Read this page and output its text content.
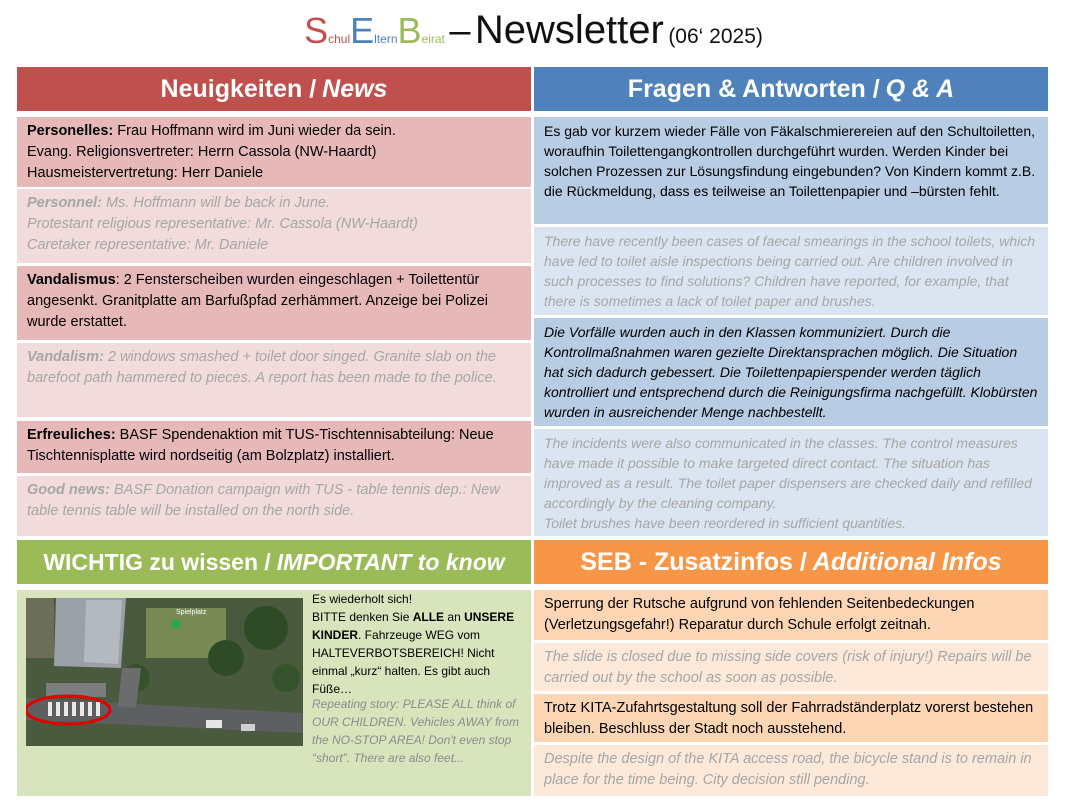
SchulElternBeirat – Newsletter (06‘ 2025)
Neuigkeiten / News
Personelles: Frau Hoffmann wird im Juni wieder da sein.
Evang. Religionsvertreter: Herrn Cassola (NW-Haardt)
Hausmeistervertretung: Herr Daniele
Personnel: Ms. Hoffmann will be back in June.
Protestant religious representative: Mr. Cassola (NW-Haardt)
Caretaker representative: Mr. Daniele
Vandalismus: 2 Fensterscheiben wurden eingeschlagen + Toilettentür angesenkt. Granitplatte am Barfußpfad zerhämmert. Anzeige bei Polizei wurde erstattet.
Vandalism: 2 windows smashed + toilet door singed. Granite slab on the barefoot path hammered to pieces. A report has been made to the police.
Erfreuliches: BASF Spendenaktion mit TUS-Tischtennisabteilung: Neue Tischtennisplatte wird nordseitig (am Bolzplatz) installiert.
Good news: BASF Donation campaign with TUS - table tennis dep.: New table tennis table will be installed on the north side.
Fragen & Antworten / Q & A
Es gab vor kurzem wieder Fälle von Fäkalschmierereien auf den Schultoiletten, woraufhin Toilettengangkontrollen durchgeführt wurden. Werden Kinder bei solchen Prozessen zur Lösungsfindung eingebunden? Von Kindern kommt z.B. die Rückmeldung, dass es teilweise an Toilettenpapier und –bürsten fehlt.
There have recently been cases of faecal smearings in the school toilets, which have led to toilet aisle inspections being carried out. Are children involved in such processes to find solutions? Children have reported, for example, that there is sometimes a lack of toilet paper and brushes.
Die Vorfälle wurden auch in den Klassen kommuniziert. Durch die Kontrollmaßnahmen waren gezielte Direktansprachen möglich. Die Situation hat sich dadurch gebessert. Die Toilettenpapierspender werden täglich kontrolliert und entsprechend durch die Reinigungsfirma nachgefüllt. Klobürsten wurden in ausreichender Menge nachbestellt.
The incidents were also communicated in the classes. The control measures have made it possible to make targeted direct contact. The situation has improved as a result. The toilet paper dispensers are checked daily and refilled accordingly by the cleaning company.
Toilet brushes have been reordered in sufficient quantities.
WICHTIG zu wissen / IMPORTANT to know
Spielplatz
Es wiederholt sich!
BITTE denken Sie ALLE an UNSERE KINDER. Fahrzeuge WEG vom HALTEVERBOTSBEREICH! Nicht einmal „kurz“ halten. Es gibt auch Füße…
Repeating story: PLEASE ALL think of OUR CHILDREN. Vehicles AWAY from the NO-STOP AREA! Don't even stop “short”. There are also feet...
SEB - Zusatzinfos / Additional Infos
Sperrung der Rutsche aufgrund von fehlenden Seitenbedeckungen (Verletzungsgefahr!) Reparatur durch Schule erfolgt zeitnah.
The slide is closed due to missing side covers (risk of injury!) Repairs will be carried out by the school as soon as possible.
Trotz KITA-Zufahrtsgestaltung soll der Fahrradständerplatz vorerst bestehen bleiben. Beschluss der Stadt noch ausstehend.
Despite the design of the KITA access road, the bicycle stand is to remain in place for the time being. City decision still pending.
